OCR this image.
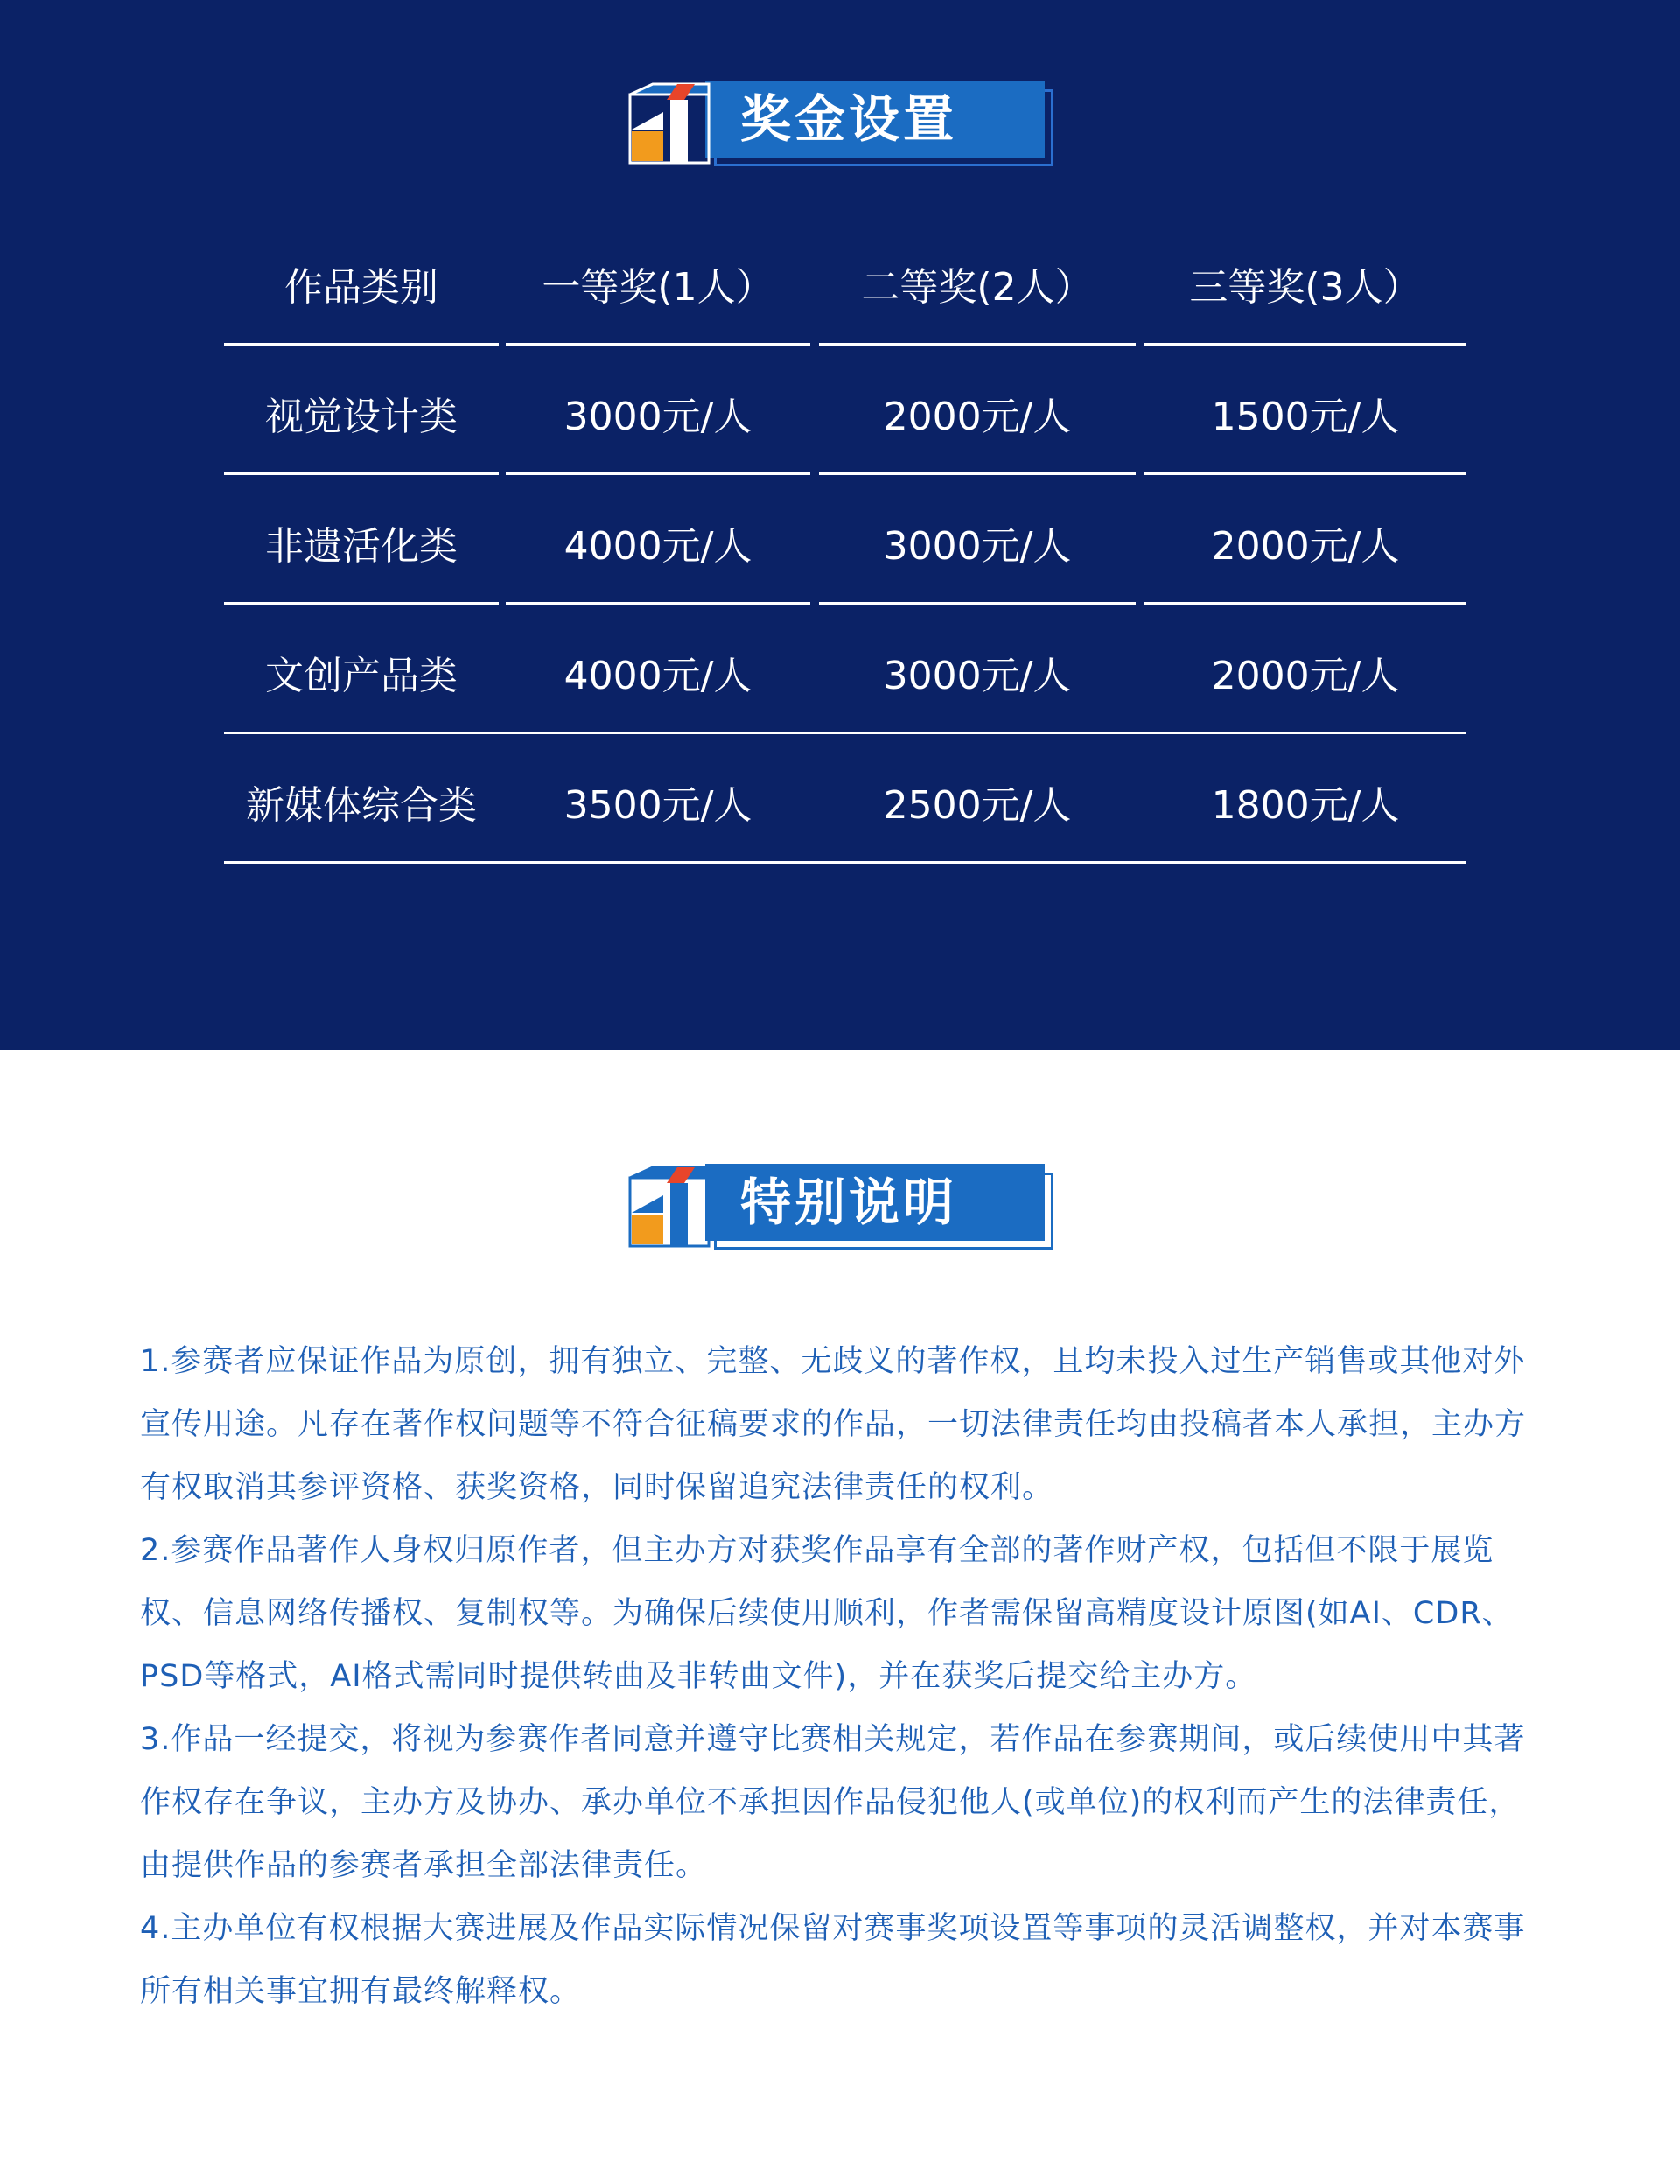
奖金设置
作品类别	一等奖(1人）	二等奖(2人）	三等奖(3人）
视觉设计类	3000元/人	2000元/人	1500元/人
非遗活化类	4000元/人	3000元/人	2000元/人
文创产品类	4000元/人	3000元/人	2000元/人
新媒体综合类	3500元/人	2500元/人	1800元/人
特别说明

1.参赛者应保证作品为原创，拥有独立、完整、无歧义的著作权，且均未投入过生产销售或其他对外宣传用途。凡存在著作权问题等不符合征稿要求的作品，一切法律责任均由投稿者本人承担，主办方有权取消其参评资格、获奖资格，同时保留追究法律责任的权利。

2.参赛作品著作人身权归原作者，但主办方对获奖作品享有全部的著作财产权，包括但不限于展览权、信息网络传播权、复制权等。为确保后续使用顺利，作者需保留高精度设计原图(如AI、CDR、PSD等格式，AI格式需同时提供转曲及非转曲文件)，并在获奖后提交给主办方。

3.作品一经提交，将视为参赛作者同意并遵守比赛相关规定，若作品在参赛期间，或后续使用中其著作权存在争议，主办方及协办、承办单位不承担因作品侵犯他人(或单位)的权利而产生的法律责任，由提供作品的参赛者承担全部法律责任。

4.主办单位有权根据大赛进展及作品实际情况保留对赛事奖项设置等事项的灵活调整权，并对本赛事所有相关事宜拥有最终解释权。
